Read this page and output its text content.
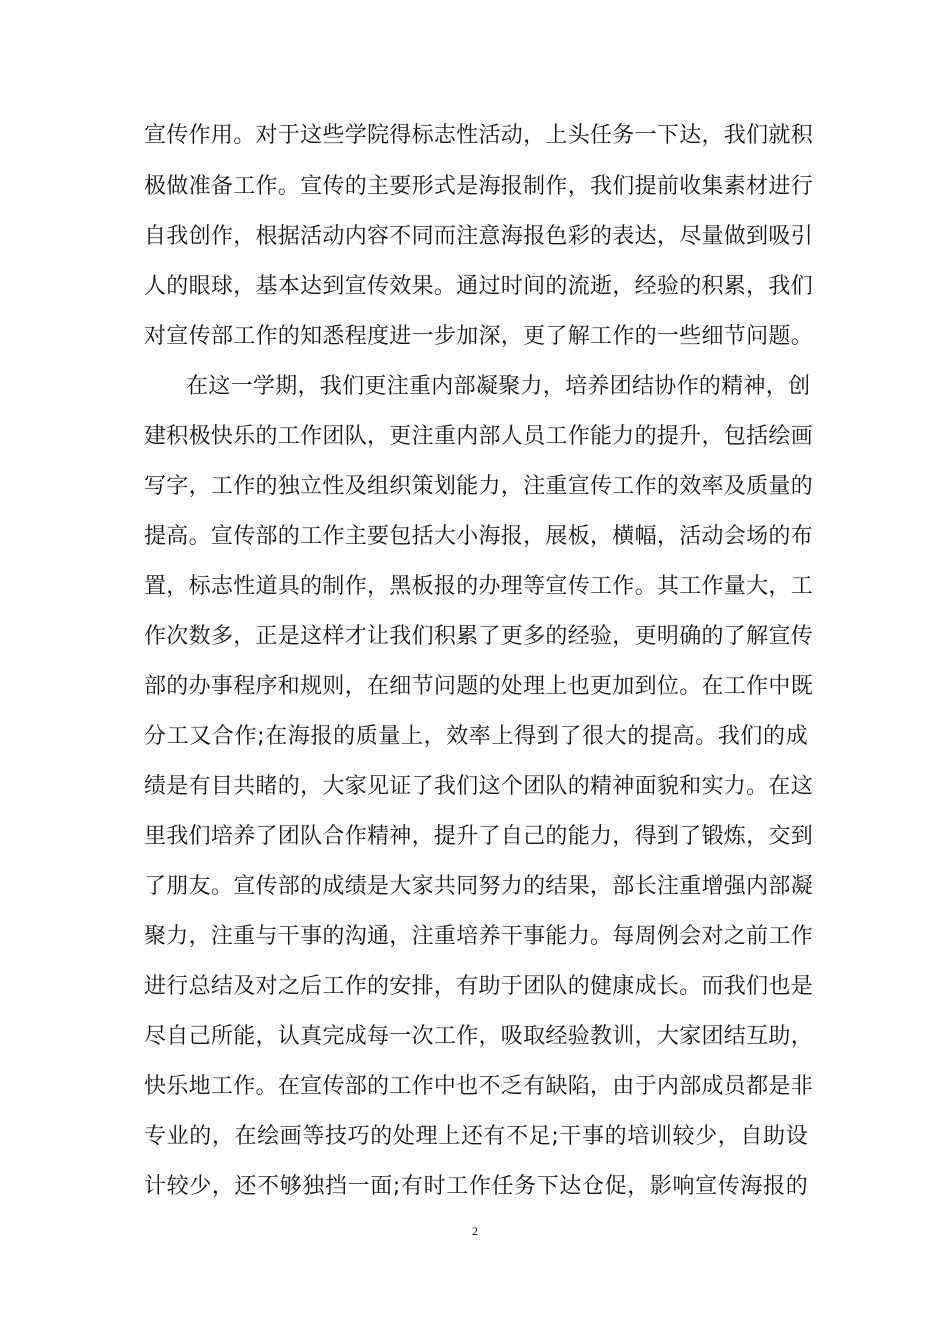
宣传作用。对于这些学院得标志性活动，上头任务一下达，我们就积
极做准备工作。宣传的主要形式是海报制作，我们提前收集素材进行
自我创作，根据活动内容不同而注意海报色彩的表达，尽量做到吸引
人的眼球，基本达到宣传效果。通过时间的流逝，经验的积累，我们
对宣传部工作的知悉程度进一步加深，更了解工作的一些细节问题。
在这一学期，我们更注重内部凝聚力，培养团结协作的精神，创
建积极快乐的工作团队，更注重内部人员工作能力的提升，包括绘画
写字，工作的独立性及组织策划能力，注重宣传工作的效率及质量的
提高。宣传部的工作主要包括大小海报，展板，横幅，活动会场的布
置，标志性道具的制作，黑板报的办理等宣传工作。其工作量大，工
作次数多，正是这样才让我们积累了更多的经验，更明确的了解宣传
部的办事程序和规则，在细节问题的处理上也更加到位。在工作中既
分工又合作;在海报的质量上，效率上得到了很大的提高。我们的成
绩是有目共睹的，大家见证了我们这个团队的精神面貌和实力。在这
里我们培养了团队合作精神，提升了自己的能力，得到了锻炼，交到
了朋友。宣传部的成绩是大家共同努力的结果，部长注重增强内部凝
聚力，注重与干事的沟通，注重培养干事能力。每周例会对之前工作
进行总结及对之后工作的安排，有助于团队的健康成长。而我们也是
尽自己所能，认真完成每一次工作，吸取经验教训，大家团结互助，
快乐地工作。在宣传部的工作中也不乏有缺陷，由于内部成员都是非
专业的，在绘画等技巧的处理上还有不足;干事的培训较少，自助设
计较少，还不够独挡一面;有时工作任务下达仓促，影响宣传海报的
2
